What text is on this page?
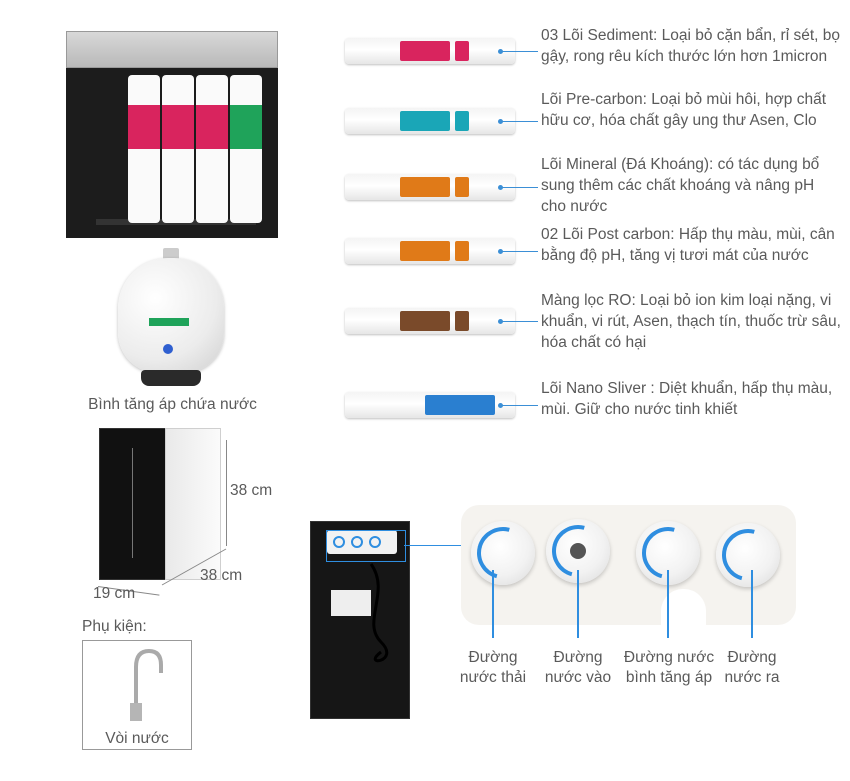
Bình tăng áp chứa nước
38 cm
38 cm
19 cm
Phụ kiện:
Vòi nước
03 Lõi Sediment: Loại bỏ cặn bẩn, rỉ sét, bọ gậy, rong rêu kích thước lớn hơn 1micron
Lõi Pre-carbon: Loại bỏ mùi hôi, hợp chất hữu cơ, hóa chất gây ung thư Asen, Clo
Lõi Mineral (Đá Khoáng): có tác dụng bổ sung thêm các chất khoáng và nâng pH cho nước
02 Lõi Post carbon: Hấp thụ màu, mùi, cân bằng độ pH, tăng vị tươi mát của nước
Màng lọc RO: Loại bỏ ion kim loại nặng, vi khuẩn, vi rút, Asen, thạch tín, thuốc trừ sâu, hóa chất có hại
Lõi Nano Sliver : Diệt khuẩn, hấp thụ màu, mùi. Giữ cho nước tinh khiết
Đường nước thải
Đường nước vào
Đường nước bình tăng áp
Đường nước ra
